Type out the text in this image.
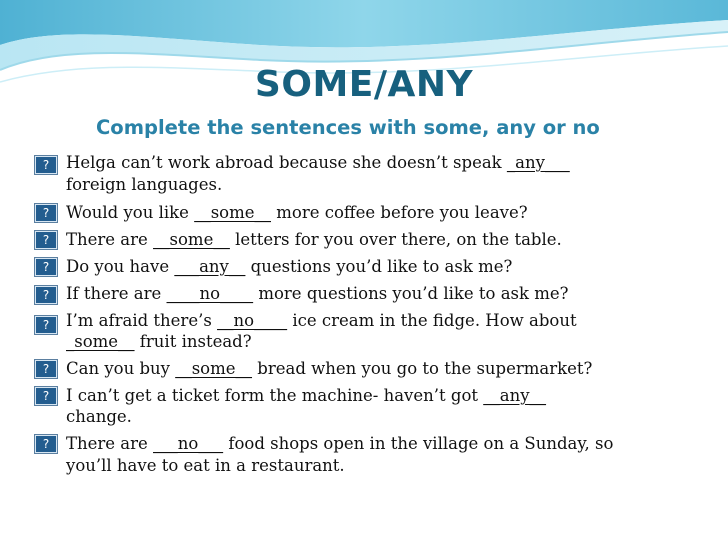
SOME/ANY
Complete the sentences with some, any or no
?	Helga can’t work abroad because she doesn’t speak _any___
foreign languages.
?	Would you like __some__ more coffee before you leave?
?	There are __some__ letters for you over there, on the table.
?	Do you have ___any__ questions you’d like to ask me?
?	If there are ____no____ more questions you’d like to ask me?
?	I’m afraid there’s __no____ ice cream in the fidge. How about
_some__ fruit instead?
?	Can you buy __some__ bread when you go to the supermarket?
?	I can’t get a ticket form the machine- haven’t got __any__
change.
?	There are ___no___ food shops open in the village on a Sunday, so
you’ll have to eat in a restaurant.
